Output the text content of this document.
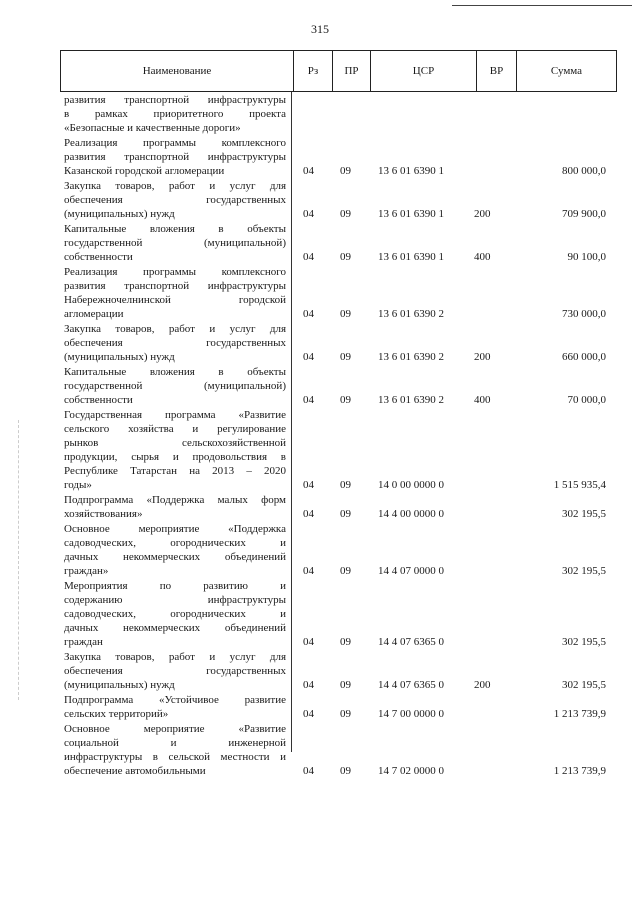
315
Наименование	Рз	ПР	ЦСР	ВР	Сумма
развития транспортной инфраструктуры
в рамках приоритетного проекта
«Безопасные и качественные дороги»
Реализация программы комплексного
развития транспортной инфраструктуры
Казанской городской агломерации	04 09 13 6 01 6390 1	800 000,0
Закупка товаров, работ и услуг для
обеспечения государственных
(муниципальных) нужд	04 09 13 6 01 6390 1	200	709 900,0
Капитальные вложения в объекты
государственной (муниципальной)
собственности	04 09 13 6 01 6390 1	400	90 100,0
Реализация программы комплексного
развития транспортной инфраструктуры
Набережночелнинской городской
агломерации	04 09 13 6 01 6390 2	730 000,0
Закупка товаров, работ и услуг для
обеспечения государственных
(муниципальных) нужд	04 09 13 6 01 6390 2	200	660 000,0
Капитальные вложения в объекты
государственной (муниципальной)
собственности	04 09 13 6 01 6390 2	400	70 000,0
Государственная программа «Развитие
сельского хозяйства и регулирование
рынков сельскохозяйственной
продукции, сырья и продовольствия в
Республике Татарстан на 2013 – 2020
годы»	04 09 14 0 00 0000 0	1 515 935,4
Подпрограмма «Поддержка малых форм
хозяйствования»	04 09 14 4 00 0000 0	302 195,5
Основное мероприятие «Поддержка
садоводческих, огороднических и
дачных некоммерческих объединений
граждан»	04 09 14 4 07 0000 0	302 195,5
Мероприятия по развитию и
содержанию инфраструктуры
садоводческих, огороднических и
дачных некоммерческих объединений
граждан	04 09 14 4 07 6365 0	302 195,5
Закупка товаров, работ и услуг для
обеспечения государственных
(муниципальных) нужд	04 09 14 4 07 6365 0	200	302 195,5
Подпрограмма «Устойчивое развитие
сельских территорий»	04 09 14 7 00 0000 0	1 213 739,9
Основное мероприятие «Развитие
социальной и инженерной
инфраструктуры в сельской местности и
обеспечение автомобильными	04 09 14 7 02 0000 0	1 213 739,9
